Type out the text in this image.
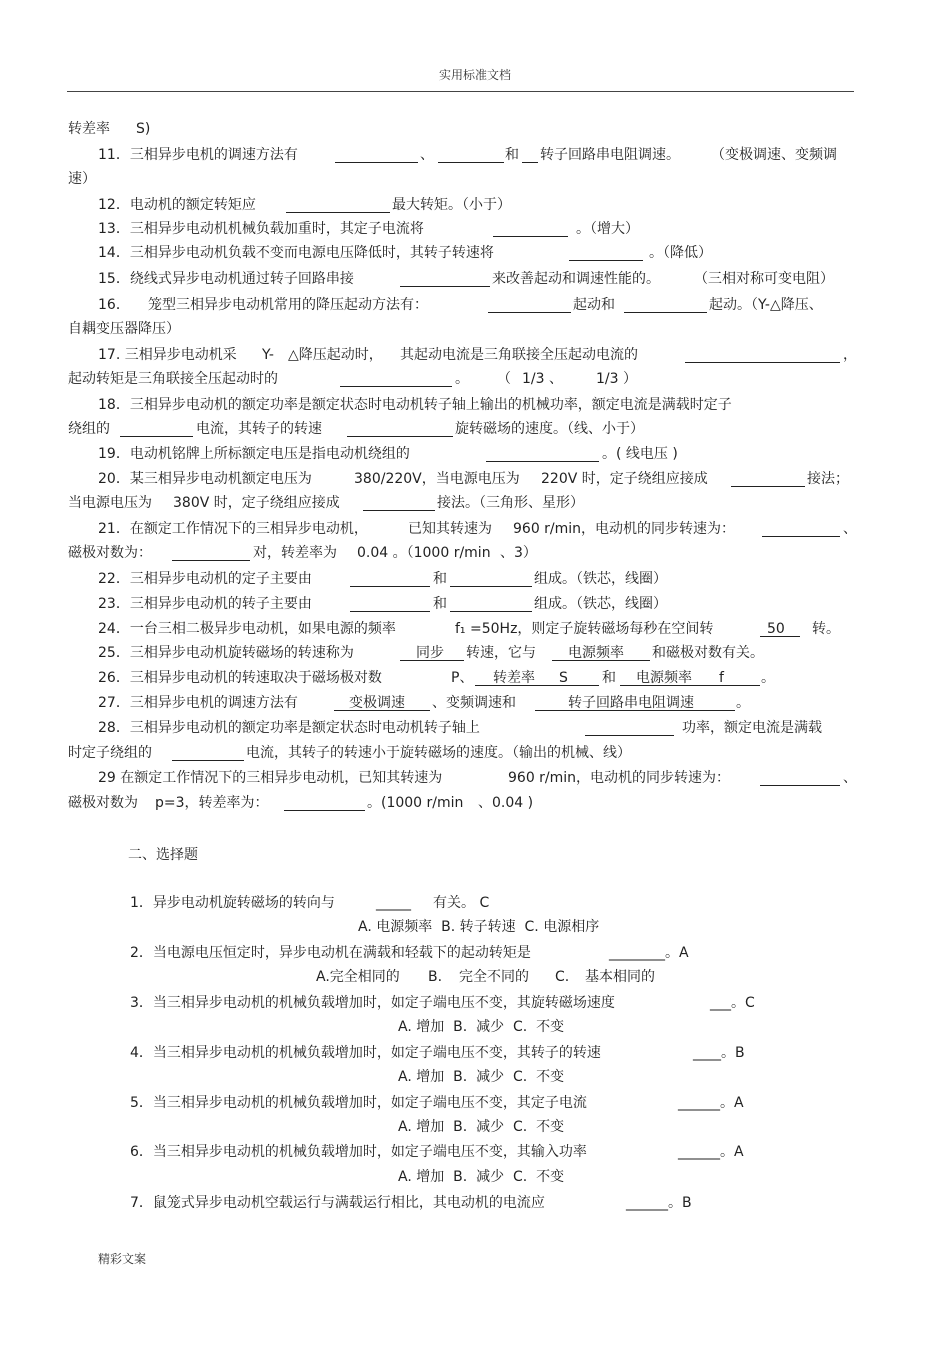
实用标准文档
转差率 S)
11．三相异步电机的调速方法有	、	和 转子回路串电阻调速。 （变极调速、变频调
速）
12．电动机的额定转矩应	最大转矩。（小于）
13．三相异步电动机机械负载加重时，其定子电流将	。（增大）
14．三相异步电动机负载不变而电源电压降低时，其转子转速将	。（降低）
15．绕线式异步电动机通过转子回路串接	来改善起动和调速性能的。 （三相对称可变电阻）
16． 笼型三相异步电动机常用的降压起动方法有：	起动和	起动。（Y-△降压、
自耦变压器降压）
17. 三相异步电动机采 Y- △降压起动时， 其起动电流是三角联接全压起动电流的	，
起动转矩是三角联接全压起动时的	。 （ 1/3 、 1/3 ）
18．三相异步电动机的额定功率是额定状态时电动机转子轴上输出的机械功率，额定电流是满载时定子
绕组的	电流，其转子的转速	旋转磁场的速度。（线、小于）
19．电动机铭牌上所标额定电压是指电动机绕组的	。( 线电压 )
20．某三相异步电动机额定电压为	380/220V，当电源电压为 220V 时，定子绕组应接成	接法；
当电源电压为 380V 时，定子绕组应接成	接法。（三角形、星形）
21．在额定工作情况下的三相异步电动机，	已知其转速为 960 r/min，电动机的同步转速为：	、
磁极对数为：	对，转差率为 0.04 。（1000 r/min 、3）
22．三相异步电动机的定子主要由	和	组成。（铁芯，线圈）
23．三相异步电动机的转子主要由	和	组成。（铁芯，线圈）
24．一台三相二极异步电动机，如果电源的频率	f₁ =50Hz，则定子旋转磁场每秒在空间转	50 转。
25．三相异步电动机旋转磁场的转速称为	同步 转速，它与 电源频率 和磁极对数有关。
26．三相异步电动机的转速取决于磁场极对数	P、 转差率 S 和 电源频率 f	。
27．三相异步电机的调速方法有	变极调速 、变频调速和	转子回路串电阻调速	。
28．三相异步电动机的额定功率是额定状态时电动机转子轴上	功率，额定电流是满载
时定子绕组的	电流，其转子的转速小于旋转磁场的速度。（输出的机械、线）
29 在额定工作情况下的三相异步电动机，已知其转速为	960 r/min，电动机的同步转速为：	、
磁极对数为 p=3，转差率为：	。(1000 r/min 、0.04 )
1．异步电动机旋转磁场的转向与	_____ 有关。 C
A. 电源频率  B. 转子转速  C. 电源相序
2．当电源电压恒定时，异步电动机在满载和轻载下的起动转矩是	________。A
A.完全相同的 B. 完全不同的 C. 基本相同的
3．当三相异步电动机的机械负载增加时，如定子端电压不变，其旋转磁场速度	___。C
A. 增加  B.  减少  C.  不变
4．当三相异步电动机的机械负载增加时，如定子端电压不变，其转子的转速	____。B
A. 增加  B.  减少  C.  不变
5．当三相异步电动机的机械负载增加时，如定子端电压不变，其定子电流	______。A
A. 增加  B.  减少  C.  不变
6．当三相异步电动机的机械负载增加时，如定子端电压不变，其输入功率	______。A
A. 增加  B.  减少  C.  不变
7．鼠笼式异步电动机空载运行与满载运行相比，其电动机的电流应	______。B

二、选择题

精彩文案
